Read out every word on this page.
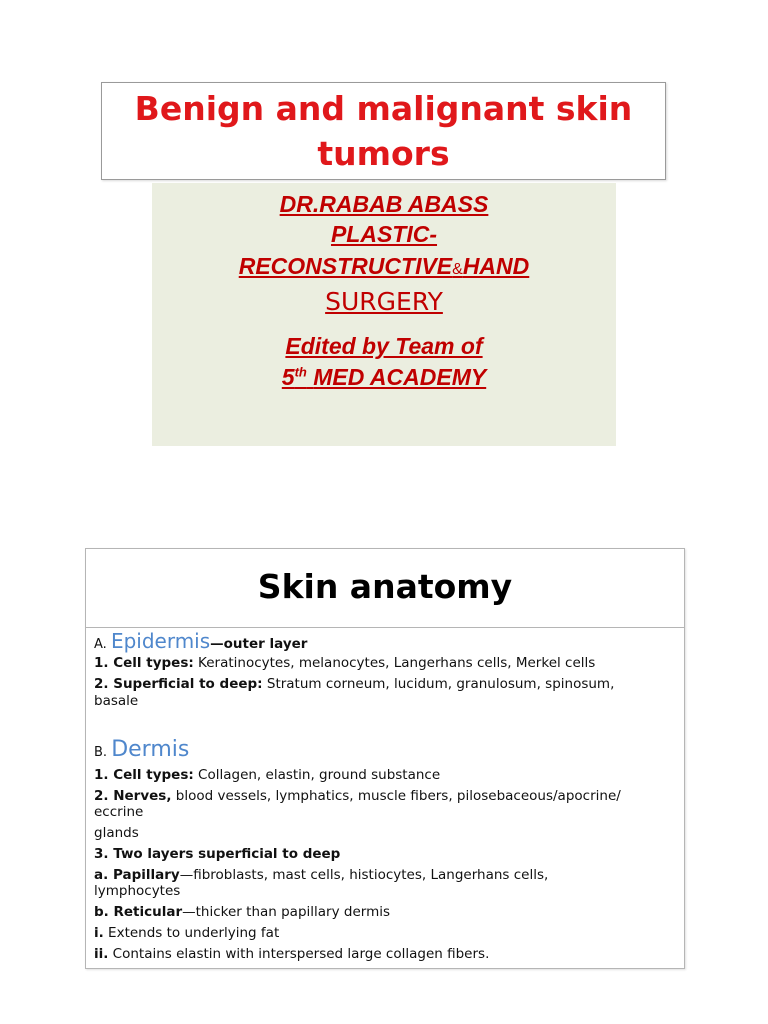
Benign and malignant skin
tumors
DR.RABAB ABASS
PLASTIC-
RECONSTRUCTIVE&HAND
SURGERY
Edited by Team of
5th MED ACADEMY
Skin anatomy
A. Epidermis—outer layer
1. Cell types: Keratinocytes, melanocytes, Langerhans cells, Merkel cells
2. Superficial to deep: Stratum corneum, lucidum, granulosum, spinosum,
basale
B. Dermis
1. Cell types: Collagen, elastin, ground substance
2. Nerves, blood vessels, lymphatics, muscle fibers, pilosebaceous/apocrine/
eccrine
glands
3. Two layers superficial to deep
a. Papillary—fibroblasts, mast cells, histiocytes, Langerhans cells,
lymphocytes
b. Reticular—thicker than papillary dermis
i. Extends to underlying fat
ii. Contains elastin with interspersed large collagen fibers.
